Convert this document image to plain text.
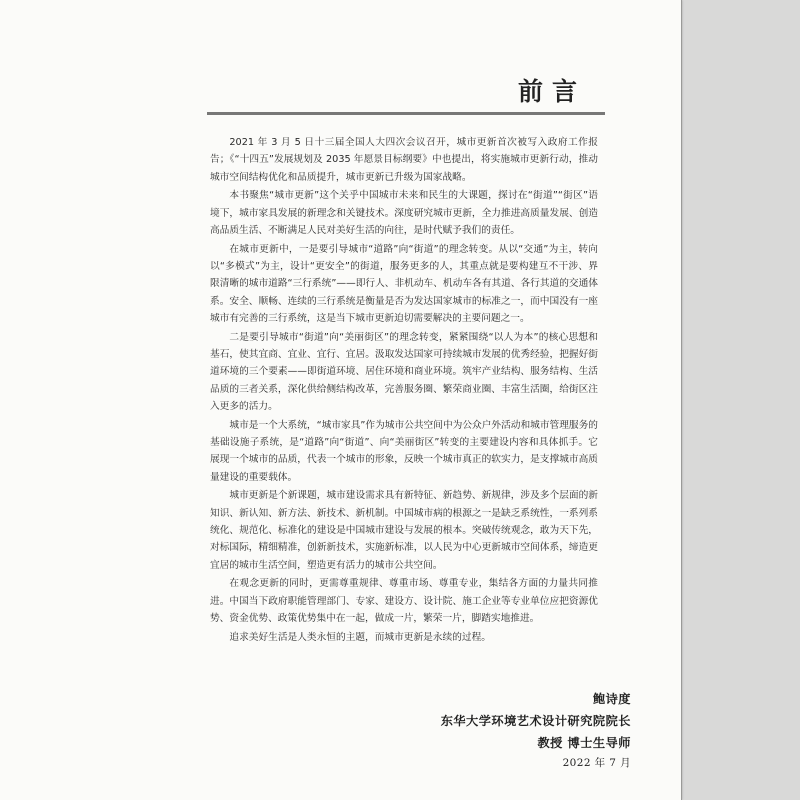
前言

2021 年 3 月 5 日十三届全国人大四次会议召开，城市更新首次被写入政府工作报告；《“十四五”发展规划及 2035 年愿景目标纲要》中也提出，将实施城市更新行动，推动城市空间结构优化和品质提升，城市更新已升级为国家战略。

本书聚焦“城市更新”这个关乎中国城市未来和民生的大课题，探讨在“街道”“街区”语境下，城市家具发展的新理念和关键技术。深度研究城市更新，全力推进高质量发展、创造高品质生活、不断满足人民对美好生活的向往，是时代赋予我们的责任。

在城市更新中，一是要引导城市“道路”向“街道”的理念转变。从以“交通”为主，转向以“多模式”为主，设计“更安全”的街道，服务更多的人，其重点就是要构建互不干涉、界限清晰的城市道路“三行系统”——即行人、非机动车、机动车各有其道、各行其道的交通体系。安全、顺畅、连续的三行系统是衡量是否为发达国家城市的标准之一，而中国没有一座城市有完善的三行系统，这是当下城市更新迫切需要解决的主要问题之一。

二是要引导城市“街道”向“美丽街区”的理念转变，紧紧围绕“以人为本”的核心思想和基石，使其宜商、宜业、宜行、宜居。汲取发达国家可持续城市发展的优秀经验，把握好街道环境的三个要素——即街道环境、居住环境和商业环境。筑牢产业结构、服务结构、生活品质的三者关系，深化供给侧结构改革，完善服务圈、繁荣商业圈、丰富生活圈，给街区注入更多的活力。

城市是一个大系统，“城市家具”作为城市公共空间中为公众户外活动和城市管理服务的基础设施子系统，是“道路”向“街道”、向“美丽街区”转变的主要建设内容和具体抓手。它展现一个城市的品质，代表一个城市的形象，反映一个城市真正的软实力，是支撑城市高质量建设的重要载体。

城市更新是个新课题，城市建设需求具有新特征、新趋势、新规律，涉及多个层面的新知识、新认知、新方法、新技术、新机制。中国城市病的根源之一是缺乏系统性，一系列系统化、规范化、标准化的建设是中国城市建设与发展的根本。突破传统观念，敢为天下先，对标国际，精细精准，创新新技术，实施新标准，以人民为中心更新城市空间体系，缔造更宜居的城市生活空间，塑造更有活力的城市公共空间。

在观念更新的同时，更需尊重规律、尊重市场、尊重专业，集结各方面的力量共同推进。中国当下政府职能管理部门、专家、建设方、设计院、施工企业等专业单位应把资源优势、资金优势、政策优势集中在一起，做成一片，繁荣一片，脚踏实地推进。

追求美好生活是人类永恒的主题，而城市更新是永续的过程。

鲍诗度
东华大学环境艺术设计研究院院长
教授 博士生导师
2022 年 7 月
